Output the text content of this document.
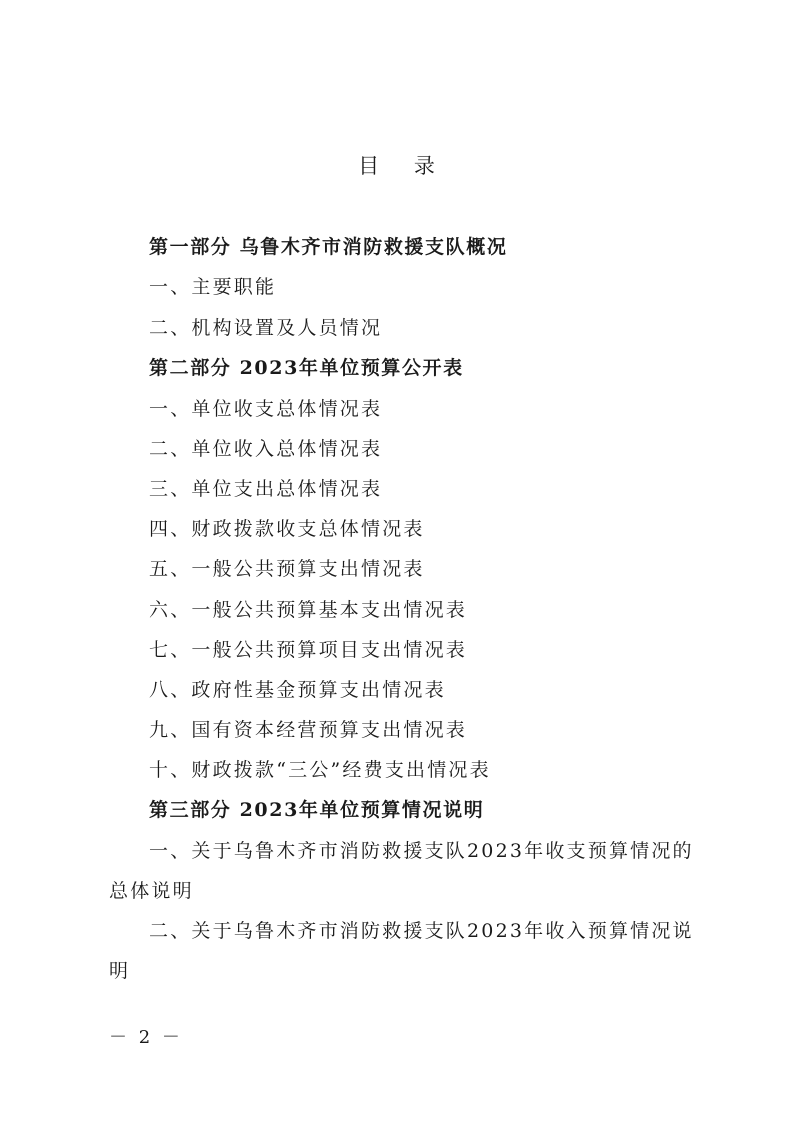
目 录
第一部分 乌鲁木齐市消防救援支队概况
一、主要职能
二、机构设置及人员情况
第二部分 2023年单位预算公开表
一、单位收支总体情况表
二、单位收入总体情况表
三、单位支出总体情况表
四、财政拨款收支总体情况表
五、一般公共预算支出情况表
六、一般公共预算基本支出情况表
七、一般公共预算项目支出情况表
八、政府性基金预算支出情况表
九、国有资本经营预算支出情况表
十、财政拨款“三公”经费支出情况表
第三部分 2023年单位预算情况说明
一、关于乌鲁木齐市消防救援支队2023年收支预算情况的
总体说明
二、关于乌鲁木齐市消防救援支队2023年收入预算情况说
明
－ 2 －
